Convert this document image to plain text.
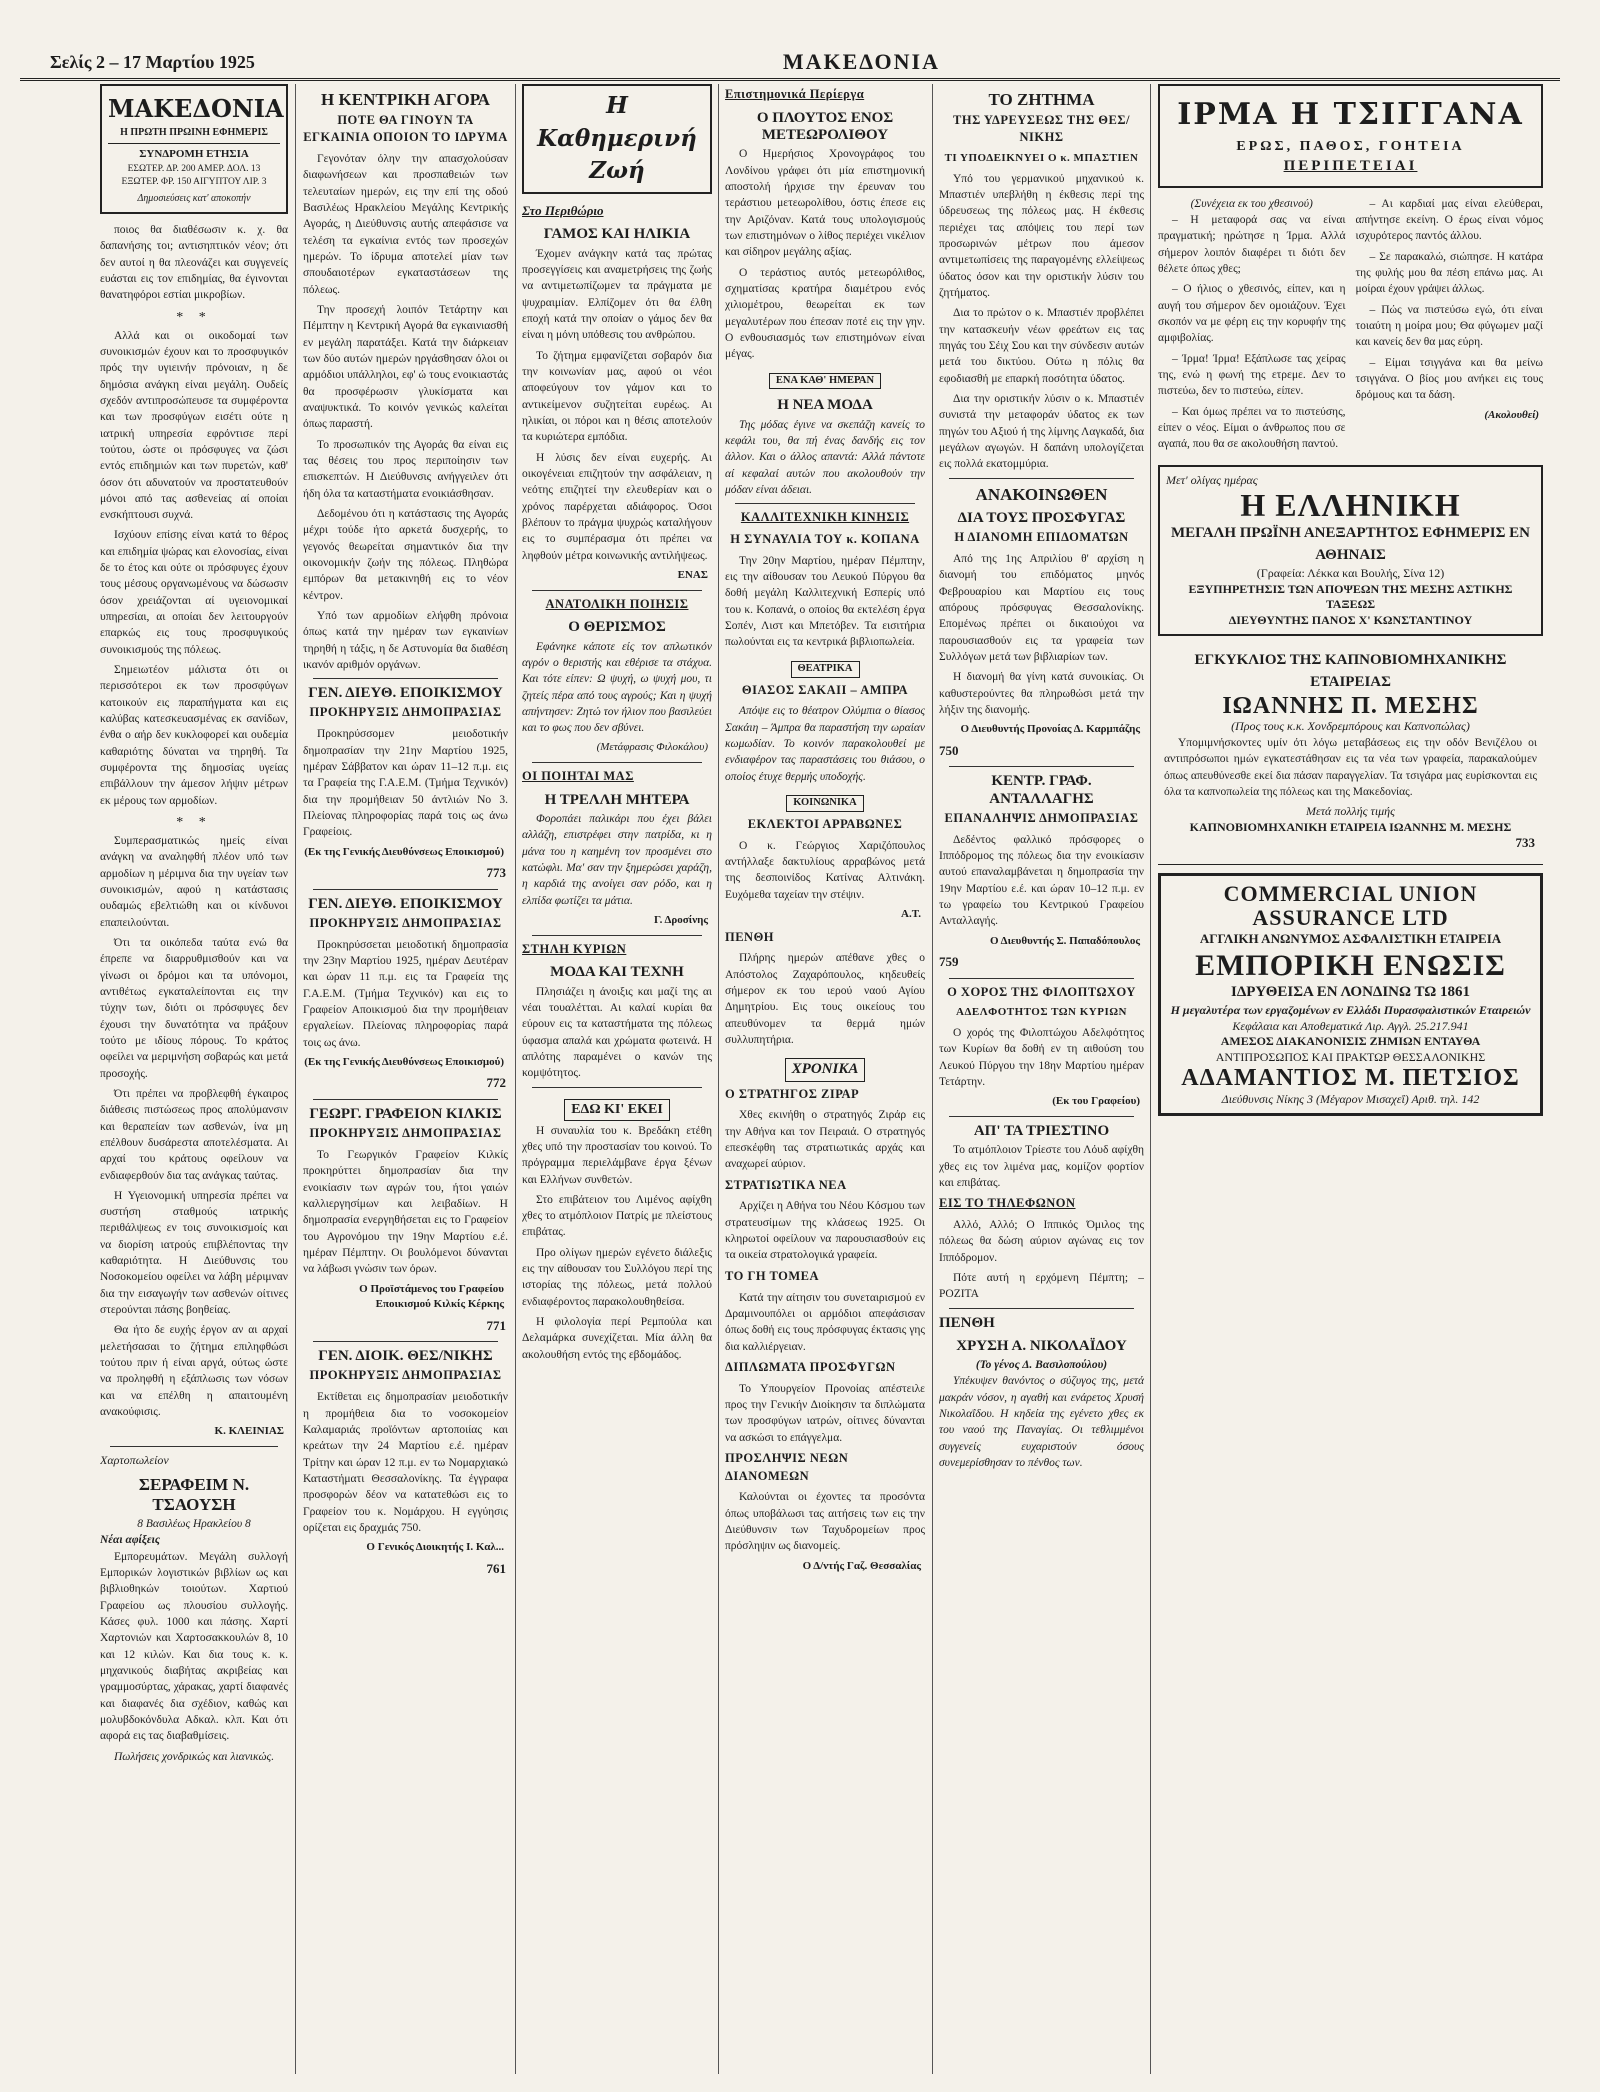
Σελίς 2 – 17 Μαρτίου 1925	ΜΑΚΕΔΟΝΙΑ
ΜΑΚΕΔΟΝΙΑ
Η ΠΡΩΤΗ ΠΡΩΙΝΗ ΕΦΗΜΕΡΙΣ
ΣΥΝΔΡΟΜΗ ΕΤΗΣΙΑ
ΕΣΩΤΕΡ. ΔΡ. 200 ΑΜΕΡ. ΔΟΛ. 13
ΕΞΩΤΕΡ. ΦΡ. 150 ΑΙΓΥΠΤΟΥ ΛΙΡ. 3
Δημοσιεύσεις κατ' αποκοπήν

ποιος θα διαθέσωσιν κ. χ. θα δαπανήσης τοι; αντισηπτικόν νέον; ότι δεν αυτοί η θα πλεονάζει και συγγενείς ευάσται εις τον επιδημίας, θα έγινονται θανατηφόροι εστίαι μικροβίων.

* *

Αλλά και οι οικοδομαί των συνοικισμών έχουν και το προσφυγικόν πρός την υγιεινήν πρόνοιαν, η δε δημόσια ανάγκη είναι μεγάλη. Ουδείς σχεδόν αντιπροσώπευσε τα συμφέροντα και των προσφύγων εισέτι ούτε η ιατρική υπηρεσία εφρόντισε περί τούτου, ώστε οι πρόσφυγες να ζώσι εντός επιδημιών και των πυρετών, καθ' όσον ότι αδυνατούν να προστατευθούν μόνοι από τας ασθενείας αί οποίαι ενσκήπτουσι συχνά.

Ισχύουν επίσης είναι κατά το θέρος και επιδημία ψώρας και ελονοσίας, είναι δε το έτος και ούτε οι πρόσφυγες έχουν τους μέσους οργανωμένους να δώσωσιν όσον χρειάζονται αί υγειονομικαί υπηρεσίαι, αι οποίαι δεν λειτουργούν επαρκώς εις τους προσφυγικούς συνοικισμούς της πόλεως.

Σημειωτέον μάλιστα ότι οι περισσότεροι εκ των προσφύγων κατοικούν εις παραπήγματα και εις καλύβας κατεσκευασμένας εκ σανίδων, ένθα ο αήρ δεν κυκλοφορεί και ουδεμία καθαριότης δύναται να τηρηθή. Τα συμφέροντα της δημοσίας υγείας επιβάλλουν την άμεσον λήψιν μέτρων εκ μέρους των αρμοδίων.

* *

Συμπερασματικώς ημείς είναι ανάγκη να αναληφθή πλέον υπό των αρμοδίων η μέριμνα δια την υγείαν των συνοικισμών, αφού η κατάστασις ουδαμώς εβελτιώθη και οι κίνδυνοι επαπειλούνται.

Ότι τα οικόπεδα ταύτα ενώ θα έπρεπε να διαρρυθμισθούν και να γίνωσι οι δρόμοι και τα υπόνομοι, αντιθέτως εγκαταλείπονται εις την τύχην των, διότι οι πρόσφυγες δεν έχουσι την δυνατότητα να πράξουν τούτο με ιδίους πόρους. Το κράτος οφείλει να μεριμνήση σοβαρώς και μετά προσοχής.

Ότι πρέπει να προβλεφθή έγκαιρος διάθεσις πιστώσεως προς απολύμανσιν και θεραπείαν των ασθενών, ίνα μη επέλθουν δυσάρεστα αποτελέσματα. Αι αρχαί του κράτους οφείλουν να ενδιαφερθούν δια τας ανάγκας ταύτας.

Η Υγειονομική υπηρεσία πρέπει να συστήση σταθμούς ιατρικής περιθάλψεως εν τοις συνοικισμοίς και να διορίση ιατρούς επιβλέποντας την καθαριότητα. Η Διεύθυνσις του Νοσοκομείου οφείλει να λάβη μέριμναν δια την εισαγωγήν των ασθενών οίτινες στερούνται πάσης βοηθείας.

Θα ήτο δε ευχής έργον αν αι αρχαί μελετήσασαι το ζήτημα επιληφθώσι τούτου πριν ή είναι αργά, ούτως ώστε να προληφθή η εξάπλωσις των νόσων και να επέλθη η απαιτουμένη ανακούφισις.

Κ. ΚΛΕΙΝΙΑΣ
Χαρτοπωλείον
ΣΕΡΑΦΕΙΜ Ν. ΤΣΑΟΥΣΗ
8 Βασιλέως Ηρακλείου 8
Νέαι αφίξεις

Εμπορευμάτων. Μεγάλη συλλογή Εμπορικών λογιστικών βιβλίων ως και βιβλιοθηκών τοιούτων. Χαρτιού Γραφείου ως πλουσίου συλλογής. Κάσες φυλ. 1000 και πάσης. Χαρτί Χαρτονιών και Χαρτοσακκουλών 8, 10 και 12 κιλών. Και δια τους κ. κ. μηχανικούς διαβήτας ακριβείας και γραμμοσύρτας, χάρακας, χαρτί διαφανές και διαφανές δια σχέδιον, καθώς και μολυβδοκόνδυλα Αδκαλ. κλπ. Και ότι αφορά εις τας διαβαθμίσεις.

Πωλήσεις χονδρικώς και λιανικώς.

Η ΚΕΝΤΡΙΚΗ ΑΓΟΡΑ
ΠΟΤΕ ΘΑ ΓΙΝΟΥΝ ΤΑ ΕΓΚΑΙΝΙΑ ΟΠΟΙΟΝ ΤΟ ΙΔΡΥΜΑ

Γεγονόταν όλην την απασχολούσαν διαφωνήσεων και προσπαθειών των τελευταίων ημερών, εις την επί της οδού Βασιλέως Ηρακλείου Μεγάλης Κεντρικής Αγοράς, η Διεύθυνσις αυτής απεφάσισε να τελέση τα εγκαίνια εντός των προσεχών ημερών. Το ίδρυμα αποτελεί μίαν των σπουδαιοτέρων εγκαταστάσεων της πόλεως.

Την προσεχή λοιπόν Τετάρτην και Πέμπτην η Κεντρική Αγορά θα εγκαινιασθή εν μεγάλη παρατάξει. Κατά την διάρκειαν των δύο αυτών ημερών ηργάσθησαν όλοι οι αρμόδιοι υπάλληλοι, εφ' ώ τους ενοικιαστάς θα προσφέρωσιν γλυκίσματα και αναψυκτικά. Το κοινόν γενικώς καλείται όπως παραστή.

Το προσωπικόν της Αγοράς θα είναι εις τας θέσεις του προς περιποίησιν των επισκεπτών. Η Διεύθυνσις ανήγγειλεν ότι ήδη όλα τα καταστήματα ενοικιάσθησαν.

Δεδομένου ότι η κατάστασις της Αγοράς μέχρι τούδε ήτο αρκετά δυσχερής, το γεγονός θεωρείται σημαντικόν δια την οικονομικήν ζωήν της πόλεως. Πληθώρα εμπόρων θα μετακινηθή εις το νέον κέντρον.

Υπό των αρμοδίων ελήφθη πρόνοια όπως κατά την ημέραν των εγκαινίων τηρηθή η τάξις, η δε Αστυνομία θα διαθέση ικανόν αριθμόν οργάνων.

ΓΕΝ. ΔΙΕΥΘ. ΕΠΟΙΚΙΣΜΟΥ
ΠΡΟΚΗΡΥΞΙΣ ΔΗΜΟΠΡΑΣΙΑΣ

Προκηρύσσομεν μειοδοτικήν δημοπρασίαν την 21ην Μαρτίου 1925, ημέραν Σάββατον και ώραν 11–12 π.μ. εις τα Γραφεία της Γ.Α.Ε.Μ. (Τμήμα Τεχνικόν) δια την προμήθειαν 50 άντλιών Νο 3. Πλείονας πληροφορίας παρά τοις ως άνω Γραφείοις.

(Εκ της Γενικής Διευθύνσεως Εποικισμού)
773
ΓΕΝ. ΔΙΕΥΘ. ΕΠΟΙΚΙΣΜΟΥ
ΠΡΟΚΗΡΥΞΙΣ ΔΗΜΟΠΡΑΣΙΑΣ

Προκηρύσσεται μειοδοτική δημοπρασία την 23ην Μαρτίου 1925, ημέραν Δευτέραν και ώραν 11 π.μ. εις τα Γραφεία της Γ.Α.Ε.Μ. (Τμήμα Τεχνικόν) και εις το Γραφείον Αποικισμού δια την προμήθειαν εργαλείων. Πλείονας πληροφορίας παρά τοις ως άνω.

(Εκ της Γενικής Διευθύνσεως Εποικισμού)
772
ΓΕΩΡΓ. ΓΡΑΦΕΙΟΝ ΚΙΛΚΙΣ
ΠΡΟΚΗΡΥΞΙΣ ΔΗΜΟΠΡΑΣΙΑΣ

Το Γεωργικόν Γραφείον Κιλκίς προκηρύττει δημοπρασίαν δια την ενοικίασιν των αγρών του, ήτοι γαιών καλλιεργησίμων και λειβαδίων. Η δημοπρασία ενεργηθήσεται εις το Γραφείον του Αγρονόμου την 19ην Μαρτίου ε.έ. ημέραν Πέμπτην. Οι βουλόμενοι δύνανται να λάβωσι γνώσιν των όρων.

Ο Προϊστάμενος του Γραφείου Εποικισμού Κιλκίς Κέρκης
771
ΓΕΝ. ΔΙΟΙΚ. ΘΕΣ/ΝΙΚΗΣ
ΠΡΟΚΗΡΥΞΙΣ ΔΗΜΟΠΡΑΣΙΑΣ

Εκτίθεται εις δημοπρασίαν μειοδοτικήν η προμήθεια δια το νοσοκομείον Καλαμαριάς προϊόντων αρτοποιίας και κρεάτων την 24 Μαρτίου ε.έ. ημέραν Τρίτην και ώραν 12 π.μ. εν τω Νομαρχιακώ Καταστήματι Θεσσαλονίκης. Τα έγγραφα προσφορών δέον να κατατεθώσι εις το Γραφείον του κ. Νομάρχου. Η εγγύησις ορίζεται εις δραχμάς 750.

Ο Γενικός Διοικητής Ι. Καλ...
761
Η Καθημερινή Ζωή
Στο Περιθώριο
ΓΑΜΟΣ ΚΑΙ ΗΛΙΚΙΑ

Έχομεν ανάγκην κατά τας πρώτας προσεγγίσεις και αναμετρήσεις της ζωής να αντιμετωπίζωμεν τα πράγματα με ψυχραιμίαν. Ελπίζομεν ότι θα έλθη εποχή κατά την οποίαν ο γάμος δεν θα είναι η μόνη υπόθεσις του ανθρώπου.

Το ζήτημα εμφανίζεται σοβαρόν δια την κοινωνίαν μας, αφού οι νέοι αποφεύγουν τον γάμον και το αντικείμενον συζητείται ευρέως. Αι ηλικίαι, οι πόροι και η θέσις αποτελούν τα κυριώτερα εμπόδια.

Η λύσις δεν είναι ευχερής. Αι οικογένειαι επιζητούν την ασφάλειαν, η νεότης επιζητεί την ελευθερίαν και ο χρόνος παρέρχεται αδιάφορος. Όσοι βλέπουν το πράγμα ψυχρώς καταλήγουν εις το συμπέρασμα ότι πρέπει να ληφθούν μέτρα κοινωνικής αντιλήψεως.

ΕΝΑΣ
ΑΝΑΤΟΛΙΚΗ ΠΟΙΗΣΙΣ
Ο ΘΕΡΙΣΜΟΣ

Εφάνηκε κάποτε είς τον απλωτικόν αγρόν ο θεριστής και εθέρισε τα στάχυα. Και τότε είπεν: Ω ψυχή, ω ψυχή μου, τι ζητείς πέρα από τους αγρούς; Και η ψυχή απήντησεν: Ζητώ τον ήλιον που βασιλεύει και το φως που δεν σβύνει.

(Μετάφρασις Φιλοκάλου)
ΟΙ ΠΟΙΗΤΑΙ ΜΑΣ
Η ΤΡΕΛΛΗ ΜΗΤΕΡΑ

Φοροπάει παλικάρι που έχει βάλει αλλάζη, επιστρέφει στην πατρίδα, κι η μάνα του η καημένη τον προσμένει στο κατώφλι. Μα' σαν την ξημερώσει χαράζη, η καρδιά της ανοίγει σαν ρόδο, και η ελπίδα φωτίζει τα μάτια.

Γ. Δροσίνης
ΣΤΗΛΗ ΚΥΡΙΩΝ
ΜΟΔΑ ΚΑΙ ΤΕΧΝΗ

Πλησιάζει η άνοιξις και μαζί της αι νέαι τουαλέτται. Αι καλαί κυρίαι θα εύρουν εις τα καταστήματα της πόλεως ύφασμα απαλά και χρώματα φωτεινά. Η απλότης παραμένει ο κανών της κομψότητος.

ΕΔΩ ΚΙ' ΕΚΕΙ

Η συναυλία του κ. Βρεδάκη ετέθη χθες υπό την προστασίαν του κοινού. Το πρόγραμμα περιελάμβανε έργα ξένων και Ελλήνων συνθετών.

Στο επιβάτειον του Λιμένος αφίχθη χθες το ατμόπλοιον Πατρίς με πλείστους επιβάτας.

Προ ολίγων ημερών εγένετο διάλεξις εις την αίθουσαν του Συλλόγου περί της ιστορίας της πόλεως, μετά πολλού ενδιαφέροντος παρακολουθηθείσα.

Η φιλολογία περί Ρεμπούλα και Δελαμάρκα συνεχίζεται. Μία άλλη θα ακολουθήση εντός της εβδομάδος.

Επιστημονικά Περίεργα
Ο ΠΛΟΥΤΟΣ ΕΝΟΣ ΜΕΤΕΩΡΟΛΙΘΟΥ

Ο Ημερήσιος Χρονογράφος του Λονδίνου γράφει ότι μία επιστημονική αποστολή ήρχισε την έρευναν του τεράστιου μετεωρολίθου, όστις έπεσε εις την Αριζόναν. Κατά τους υπολογισμούς των επιστημόνων ο λίθος περιέχει νικέλιον και σίδηρον μεγάλης αξίας.

Ο τεράστιος αυτός μετεωρόλιθος, σχηματίσας κρατήρα διαμέτρου ενός χιλιομέτρου, θεωρείται εκ των μεγαλυτέρων που έπεσαν ποτέ εις την γην. Ο ενθουσιασμός των επιστημόνων είναι μέγας.

ΕΝΑ ΚΑΘ' ΗΜΕΡΑΝ
Η ΝΕΑ ΜΟΔΑ

Της μόδας έγινε να σκεπάζη κανείς το κεφάλι του, θα πή ένας δανδής εις τον άλλον. Και ο άλλος απαντά: Αλλά πάντοτε αί κεφαλαί αυτών που ακολουθούν την μόδαν είναι άδειαι.

ΚΑΛΛΙΤΕΧΝΙΚΗ ΚΙΝΗΣΙΣ
Η ΣΥΝΑΥΛΙΑ ΤΟΥ κ. ΚΟΠΑΝΑ

Την 20ην Μαρτίου, ημέραν Πέμπτην, εις την αίθουσαν του Λευκού Πύργου θα δοθή μεγάλη Καλλιτεχνική Εσπερίς υπό του κ. Κοπανά, ο οποίος θα εκτελέση έργα Σοπέν, Λιστ και Μπετόβεν. Τα εισιτήρια πωλούνται εις τα κεντρικά βιβλιοπωλεία.

ΘΕΑΤΡΙΚΑ
ΘΙΑΣΟΣ ΣΑΚΑΙΙ – ΑΜΠΡΑ

Απόψε εις το θέατρον Ολύμπια ο θίασος Σακάιη – Άμπρα θα παραστήση την ωραίαν κωμωδίαν. Το κοινόν παρακολουθεί με ενδιαφέρον τας παραστάσεις του θιάσου, ο οποίος έτυχε θερμής υποδοχής.

ΚΟΙΝΩΝΙΚΑ
ΕΚΛΕΚΤΟΙ ΑΡΡΑΒΩΝΕΣ

Ο κ. Γεώργιος Χαριζόπουλος αντήλλαξε δακτυλίους αρραβώνος μετά της δεσποινίδος Κατίνας Αλτινάκη. Ευχόμεθα ταχείαν την στέψιν.

Α.Τ.
ΠΕΝΘΗ

Πλήρης ημερών απέθανε χθες ο Απόστολος Ζαχαρόπουλος, κηδευθείς σήμερον εκ του ιερού ναού Αγίου Δημητρίου. Εις τους οικείους του απευθύνομεν τα θερμά ημών συλλυπητήρια.

ΧΡΟΝΙΚΑ
Ο ΣΤΡΑΤΗΓΟΣ ΖΙΡΑΡ

Χθες εκινήθη ο στρατηγός Ζιράρ εις την Αθήνα και τον Πειραιά. Ο στρατηγός επεσκέφθη τας στρατιωτικάς αρχάς και αναχωρεί αύριον.

ΣΤΡΑΤΙΩΤΙΚΑ ΝΕΑ

Αρχίζει η Αθήνα του Νέου Κόσμου των στρατευσίμων της κλάσεως 1925. Οι κληρωτοί οφείλουν να παρουσιασθούν εις τα οικεία στρατολογικά γραφεία.

ΤΟ ΓΗ ΤΟΜΕΑ

Κατά την αίτησιν του συνεταιρισμού εν Δραμινουπόλει οι αρμόδιοι απεφάσισαν όπως δοθή εις τους πρόσφυγας έκτασις γης δια καλλιέργειαν.

ΔΙΠΛΩΜΑΤΑ ΠΡΟΣΦΥΓΩΝ

Το Υπουργείον Προνοίας απέστειλε προς την Γενικήν Διοίκησιν τα διπλώματα των προσφύγων ιατρών, οίτινες δύνανται να ασκώσι το επάγγελμα.

ΠΡΟΣΛΗΨΙΣ ΝΕΩΝ ΔΙΑΝΟΜΕΩΝ

Καλούνται οι έχοντες τα προσόντα όπως υποβάλωσι τας αιτήσεις των εις την Διεύθυνσιν των Ταχυδρομείων προς πρόσληψιν ως διανομείς.

Ο Δ/ντής Γαζ. Θεσσαλίας
ΤΟ ΖΗΤΗΜΑ
ΤΗΣ ΥΔΡΕΥΣΕΩΣ ΤΗΣ ΘΕΣ/ΝΙΚΗΣ
ΤΙ ΥΠΟΔΕΙΚΝΥΕΙ Ο κ. ΜΠΑΣΤΙΕΝ

Υπό του γερμανικού μηχανικού κ. Μπαστιέν υπεβλήθη η έκθεσις περί της ύδρευσεως της πόλεως μας. Η έκθεσις περιέχει τας απόψεις του περί των προσωρινών μέτρων που άμεσον αντιμετωπίσεις της παραγομένης ελλείψεως ύδατος όσον και την οριστικήν λύσιν του ζητήματος.

Δια το πρώτον ο κ. Μπαστιέν προβλέπει την κατασκευήν νέων φρεάτων εις τας πηγάς του Σέιχ Σου και την σύνδεσιν αυτών μετά του δικτύου. Ούτω η πόλις θα εφοδιασθή με επαρκή ποσότητα ύδατος.

Δια την οριστικήν λύσιν ο κ. Μπαστιέν συνιστά την μεταφοράν ύδατος εκ των πηγών του Αξιού ή της λίμνης Λαγκαδά, δια μεγάλων αγωγών. Η δαπάνη υπολογίζεται εις πολλά εκατομμύρια.

ΑΝΑΚΟΙΝΩΘΕΝ
ΔΙΑ ΤΟΥΣ ΠΡΟΣΦΥΓΑΣ
Η ΔΙΑΝΟΜΗ ΕΠΙΔΟΜΑΤΩΝ

Από της 1ης Απριλίου θ' αρχίση η διανομή του επιδόματος μηνός Φεβρουαρίου και Μαρτίου εις τους απόρους πρόσφυγας Θεσσαλονίκης. Επομένως πρέπει οι δικαιούχοι να παρουσιασθούν εις τα γραφεία των Συλλόγων μετά των βιβλιαρίων των.

Η διανομή θα γίνη κατά συνοικίας. Οι καθυστερούντες θα πληρωθώσι μετά την λήξιν της διανομής.

Ο Διευθυντής Προνοίας Δ. Καρμπάζης
750
ΚΕΝΤΡ. ΓΡΑΦ. ΑΝΤΑΛΛΑΓΗΣ
ΕΠΑΝΑΛΗΨΙΣ ΔΗΜΟΠΡΑΣΙΑΣ

Δεδέντος φαλλικό πρόσφορες ο Ιππόδρομος της πόλεως δια την ενοικίασιν αυτού επαναλαμβάνεται η δημοπρασία την 19ην Μαρτίου ε.έ. και ώραν 10–12 π.μ. εν τω γραφείω του Κεντρικού Γραφείου Ανταλλαγής.

Ο Διευθυντής Σ. Παπαδόπουλος
759
Ο ΧΟΡΟΣ ΤΗΣ ΦΙΛΟΠΤΩΧΟΥ
ΑΔΕΛΦΟΤΗΤΟΣ ΤΩΝ ΚΥΡΙΩΝ

Ο χορός της Φιλοπτώχου Αδελφότητος των Κυρίων θα δοθή εν τη αιθούση του Λευκού Πύργου την 18ην Μαρτίου ημέραν Τετάρτην.

(Εκ του Γραφείου)
ΑΠ' ΤΑ ΤΡΙΕΣΤΙΝΟ

Το ατμόπλοιον Τρίεστε του Λόυδ αφίχθη χθες εις τον λιμένα μας, κομίζον φορτίον και επιβάτας.

ΕΙΣ ΤΟ ΤΗΛΕΦΩΝΟΝ

Αλλό, Αλλό; Ο Ιππικός Όμιλος της πόλεως θα δώση αύριον αγώνας εις τον Ιππόδρομον.

Πότε αυτή η ερχόμενη Πέμπτη; – ΡΟΖΙΤΑ

ΠΕΝΘΗ
ΧΡΥΣΗ Α. ΝΙΚΟΛΑΪΔΟΥ
(Το γένος Δ. Βασιλοπούλου)

Υπέκυψεν θανόντος ο σύζυγος της, μετά μακράν νόσον, η αγαθή και ενάρετος Χρυσή Νικολαΐδου. Η κηδεία της εγένετο χθες εκ του ναού της Παναγίας. Οι τεθλιμμένοι συγγενείς ευχαριστούν όσους συνεμερίσθησαν το πένθος των.

ΙΡΜΑ Η ΤΣΙΓΓΑΝΑ
ΕΡΩΣ, ΠΑΘΟΣ, ΓΟΗΤΕΙΑ
ΠΕΡΙΠΕΤΕΙΑΙ
(Συνέχεια εκ του χθεσινού)

– Η μεταφορά σας να είναι πραγματική; ηρώτησε η Ίρμα. Αλλά σήμερον λοιπόν διαφέρει τι διότι δεν θέλετε όπως χθες;

– Ο ήλιος ο χθεσινός, είπεν, και η αυγή του σήμερον δεν ομοιάζουν. Έχει σκοπόν να με φέρη εις την κορυφήν της αμφιβολίας.

– Ίρμα! Ίρμα! Εξάπλωσε τας χείρας της, ενώ η φωνή της ετρεμε. Δεν το πιστεύω, δεν το πιστεύω, είπεν.

– Και όμως πρέπει να το πιστεύσης, είπεν ο νέος. Είμαι ο άνθρωπος που σε αγαπά, που θα σε ακολουθήση παντού.

– Αι καρδιαί μας είναι ελεύθεραι, απήντησε εκείνη. Ο έρως είναι νόμος ισχυρότερος παντός άλλου.

– Σε παρακαλώ, σιώπησε. Η κατάρα της φυλής μου θα πέση επάνω μας. Αι μοίραι έχουν γράψει άλλως.

– Πώς να πιστεύσω εγώ, ότι είναι τοιαύτη η μοίρα μου; Θα φύγωμεν μαζί και κανείς δεν θα μας εύρη.

– Είμαι τσιγγάνα και θα μείνω τσιγγάνα. Ο βίος μου ανήκει εις τους δρόμους και τα δάση.

(Ακολουθεί)
Μετ' ολίγας ημέρας
Η ΕΛΛΗΝΙΚΗ
ΜΕΓΑΛΗ ΠΡΩΪΝΗ ΑΝΕΞΑΡΤΗΤΟΣ ΕΦΗΜΕΡΙΣ ΕΝ ΑΘΗΝΑΙΣ
(Γραφεία: Λέκκα και Βουλής, Σίνα 12)
ΕΞΥΠΗΡΕΤΗΣΙΣ ΤΩΝ ΑΠΟΨΕΩΝ ΤΗΣ ΜΕΣΗΣ ΑΣΤΙΚΗΣ ΤΑΞΕΩΣ
ΔΙΕΥΘΥΝΤΗΣ ΠΑΝΟΣ Χ' ΚΩΝΣΤΑΝΤΙΝΟΥ
ΕΓΚΥΚΛΙΟΣ ΤΗΣ ΚΑΠΝΟΒΙΟΜΗΧΑΝΙΚΗΣ ΕΤΑΙΡΕΙΑΣ
ΙΩΑΝΝΗΣ Π. ΜΕΣΗΣ
(Προς τους κ.κ. Χονδρεμπόρους και Καπνοπώλας)

Υπομιμνήσκοντες υμίν ότι λόγω μεταβάσεως εις την οδόν Βενιζέλου οι αντιπρόσωποι ημών εγκατεστάθησαν εις τα νέα των γραφεία, παρακαλούμεν όπως απευθύνεσθε εκεί δια πάσαν παραγγελίαν. Τα τσιγάρα μας ευρίσκονται εις όλα τα καπνοπωλεία της πόλεως και της Μακεδονίας.

Μετά πολλής τιμής
ΚΑΠΝΟΒΙΟΜΗΧΑΝΙΚΗ ΕΤΑΙΡΕΙΑ ΙΩΑΝΝΗΣ Μ. ΜΕΣΗΣ
733
COMMERCIAL UNION ASSURANCE LTD
ΑΓΓΛΙΚΗ ΑΝΩΝΥΜΟΣ ΑΣΦΑΛΙΣΤΙΚΗ ΕΤΑΙΡΕΙΑ
ΕΜΠΟΡΙΚΗ ΕΝΩΣΙΣ
ΙΔΡΥΘΕΙΣΑ ΕΝ ΛΟΝΔΙΝΩ ΤΩ 1861
Η μεγαλυτέρα των εργαζομένων εν Ελλάδι Πυρασφαλιστικών Εταιρειών
Κεφάλαια και Αποθεματικά Λιρ. Αγγλ. 25.217.941
ΑΜΕΣΟΣ ΔΙΑΚΑΝΟΝΙΣΙΣ ΖΗΜΙΩΝ ΕΝΤΑΥΘΑ
ΑΝΤΙΠΡΟΣΩΠΟΣ ΚΑΙ ΠΡΑΚΤΩΡ ΘΕΣΣΑΛΟΝΙΚΗΣ
ΑΔΑΜΑΝΤΙΟΣ Μ. ΠΕΤΣΙΟΣ
Διεύθυνσις Νίκης 3 (Μέγαρον Μισαχεΐ) Αριθ. τηλ. 142
